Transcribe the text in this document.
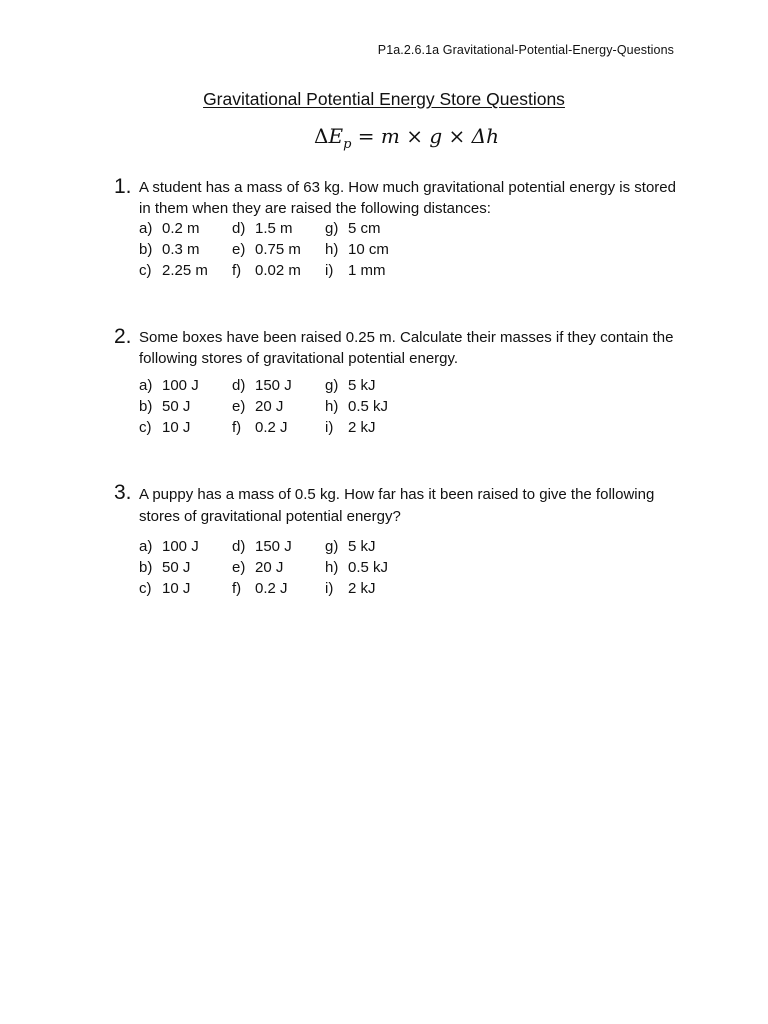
P1a.2.6.1a Gravitational-Potential-Energy-Questions
Gravitational Potential Energy Store Questions
$\Delta E_p = m \times g \times \Delta h$
1. A student has a mass of 63 kg. How much gravitational potential energy is stored in them when they are raised the following distances:
a) 0.2 m d) 1.5 m g) 5 cm
b) 0.3 m e) 0.75 m h) 10 cm
c) 2.25 m f) 0.02 m i) 1 mm
2. Some boxes have been raised 0.25 m. Calculate their masses if they contain the following stores of gravitational potential energy.
a) 100 J d) 150 J g) 5 kJ
b) 50 J	e) 20 J	h) 0.5 kJ
c) 10 J	f) 0.2 J i) 2 kJ
3. A puppy has a mass of 0.5 kg. How far has it been raised to give the following stores of gravitational potential energy?
a) 100 J d) 150 J g) 5 kJ
b) 50 J	e) 20 J	h) 0.5 kJ
c) 10 J	f) 0.2 J i) 2 kJ
